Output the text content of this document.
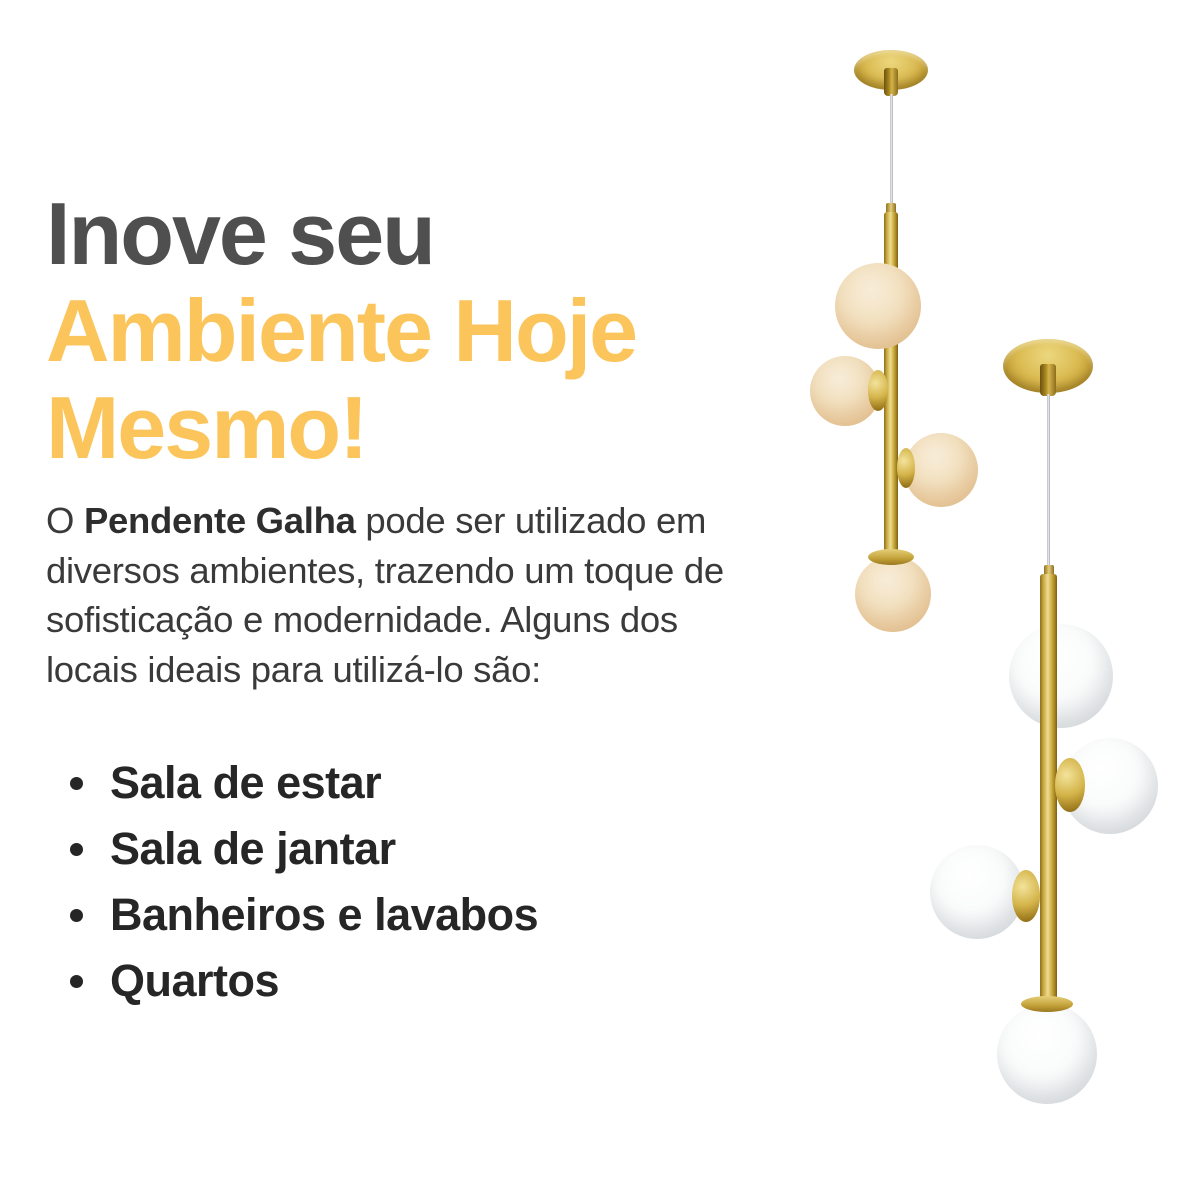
Inove seu
Ambiente Hoje
Mesmo!

O Pendente Galha pode ser utilizado em
diversos ambientes, trazendo um toque de
sofisticação e modernidade. Alguns dos
locais ideais para utilizá-lo são:

Sala de estar
Sala de jantar
Banheiros e lavabos
Quartos
